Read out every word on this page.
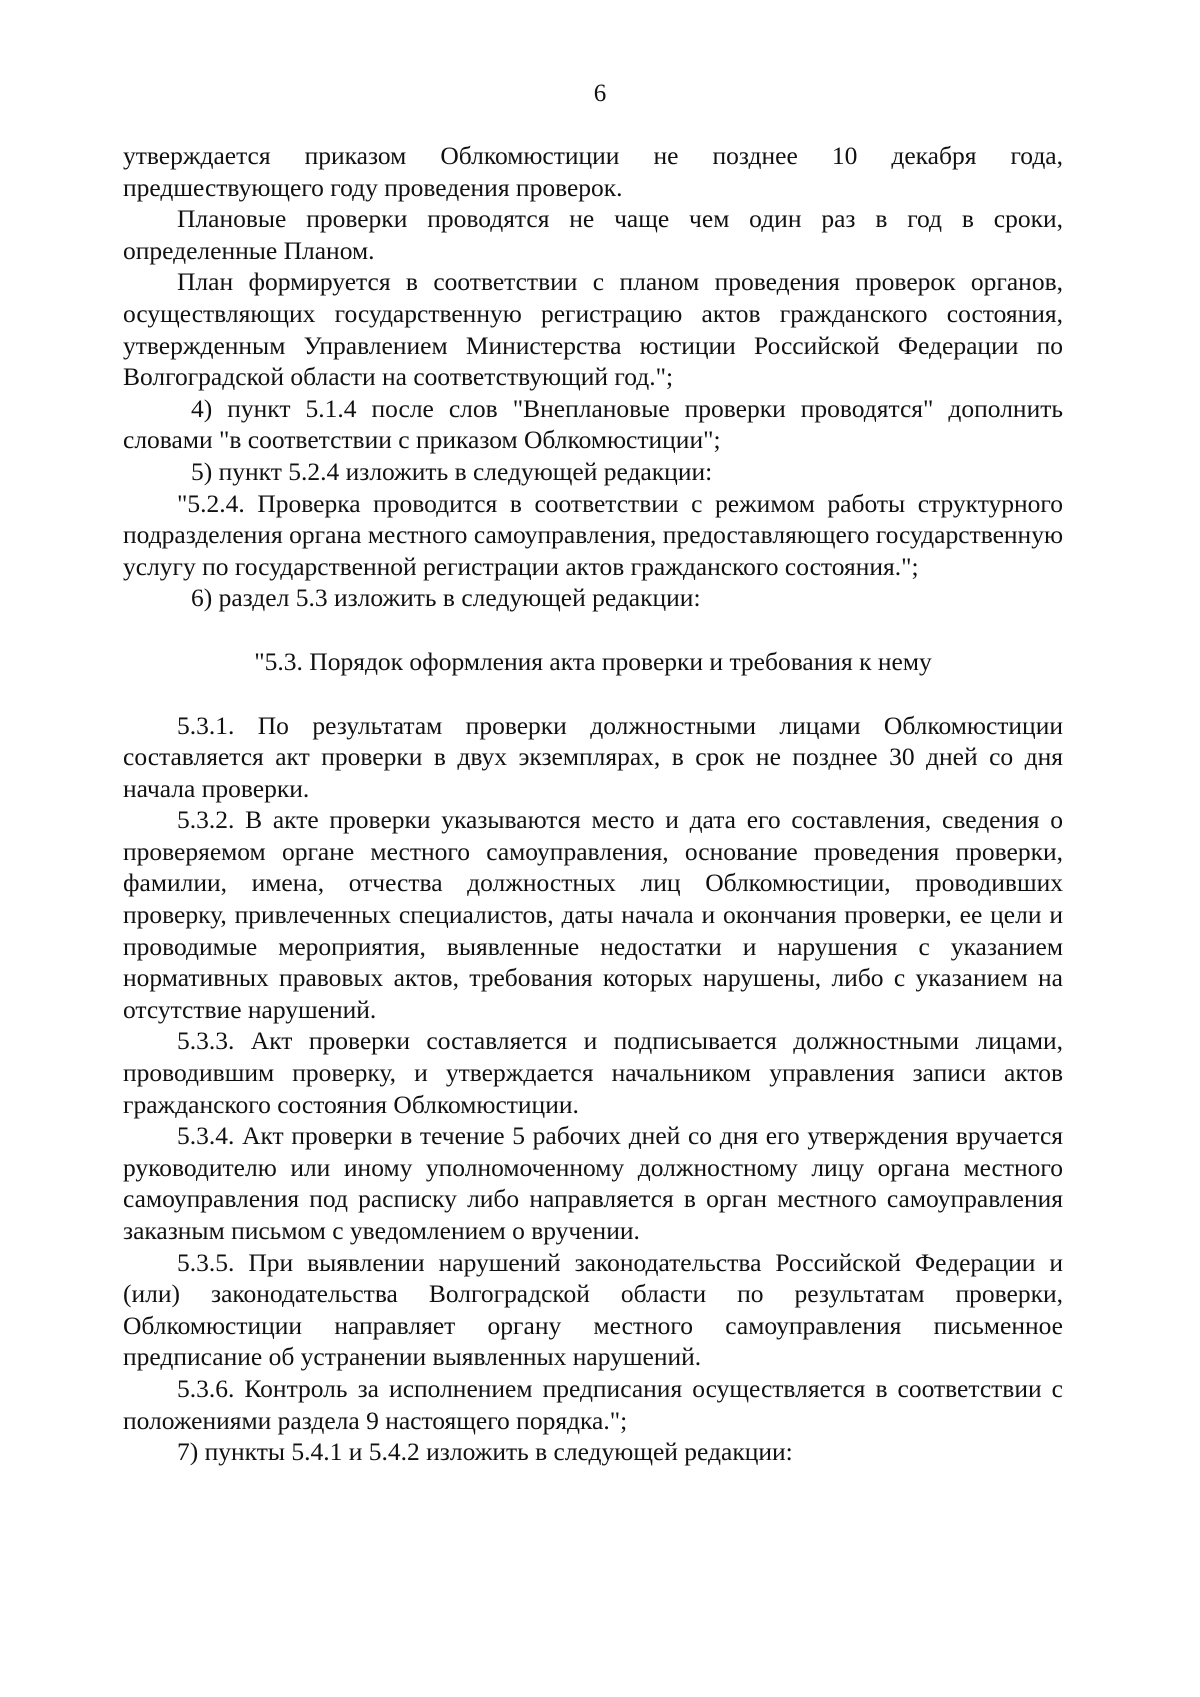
6

утверждается приказом Облкомюстиции не позднее 10 декабря года, предшествующего году проведения проверок.

Плановые проверки проводятся не чаще чем один раз в год в сроки, определенные Планом.

План формируется в соответствии с планом проведения проверок органов, осуществляющих государственную регистрацию актов гражданского состояния, утвержденным Управлением Министерства юстиции Российской Федерации по Волгоградской области на соответствующий год.";

4) пункт 5.1.4 после слов "Внеплановые проверки проводятся" дополнить словами "в соответствии с приказом Облкомюстиции";

5) пункт 5.2.4 изложить в следующей редакции:

"5.2.4. Проверка проводится в соответствии с режимом работы структурного подразделения органа местного самоуправления, предоставляющего государственную услугу по государственной регистрации актов гражданского состояния.";

6) раздел 5.3 изложить в следующей редакции:

"5.3. Порядок оформления акта проверки и требования к нему

5.3.1. По результатам проверки должностными лицами Облкомюстиции составляется акт проверки в двух экземплярах, в срок не позднее 30 дней со дня начала проверки.

5.3.2. В акте проверки указываются место и дата его составления, сведения о проверяемом органе местного самоуправления, основание проведения проверки, фамилии, имена, отчества должностных лиц Облкомюстиции, проводивших проверку, привлеченных специалистов, даты начала и окончания проверки, ее цели и проводимые мероприятия, выявленные недостатки и нарушения с указанием нормативных правовых актов, требования которых нарушены, либо с указанием на отсутствие нарушений.

5.3.3. Акт проверки составляется и подписывается должностными лицами, проводившим проверку, и утверждается начальником управления записи актов гражданского состояния Облкомюстиции.

5.3.4. Акт проверки в течение 5 рабочих дней со дня его утверждения вручается руководителю или иному уполномоченному должностному лицу органа местного самоуправления под расписку либо направляется в орган местного самоуправления заказным письмом с уведомлением о вручении.

5.3.5. При выявлении нарушений законодательства Российской Федерации и (или) законодательства Волгоградской области по результатам проверки, Облкомюстиции направляет органу местного самоуправления письменное предписание об устранении выявленных нарушений.

5.3.6. Контроль за исполнением предписания осуществляется в соответствии с положениями раздела 9 настоящего порядка.";

7) пункты 5.4.1 и 5.4.2 изложить в следующей редакции:
